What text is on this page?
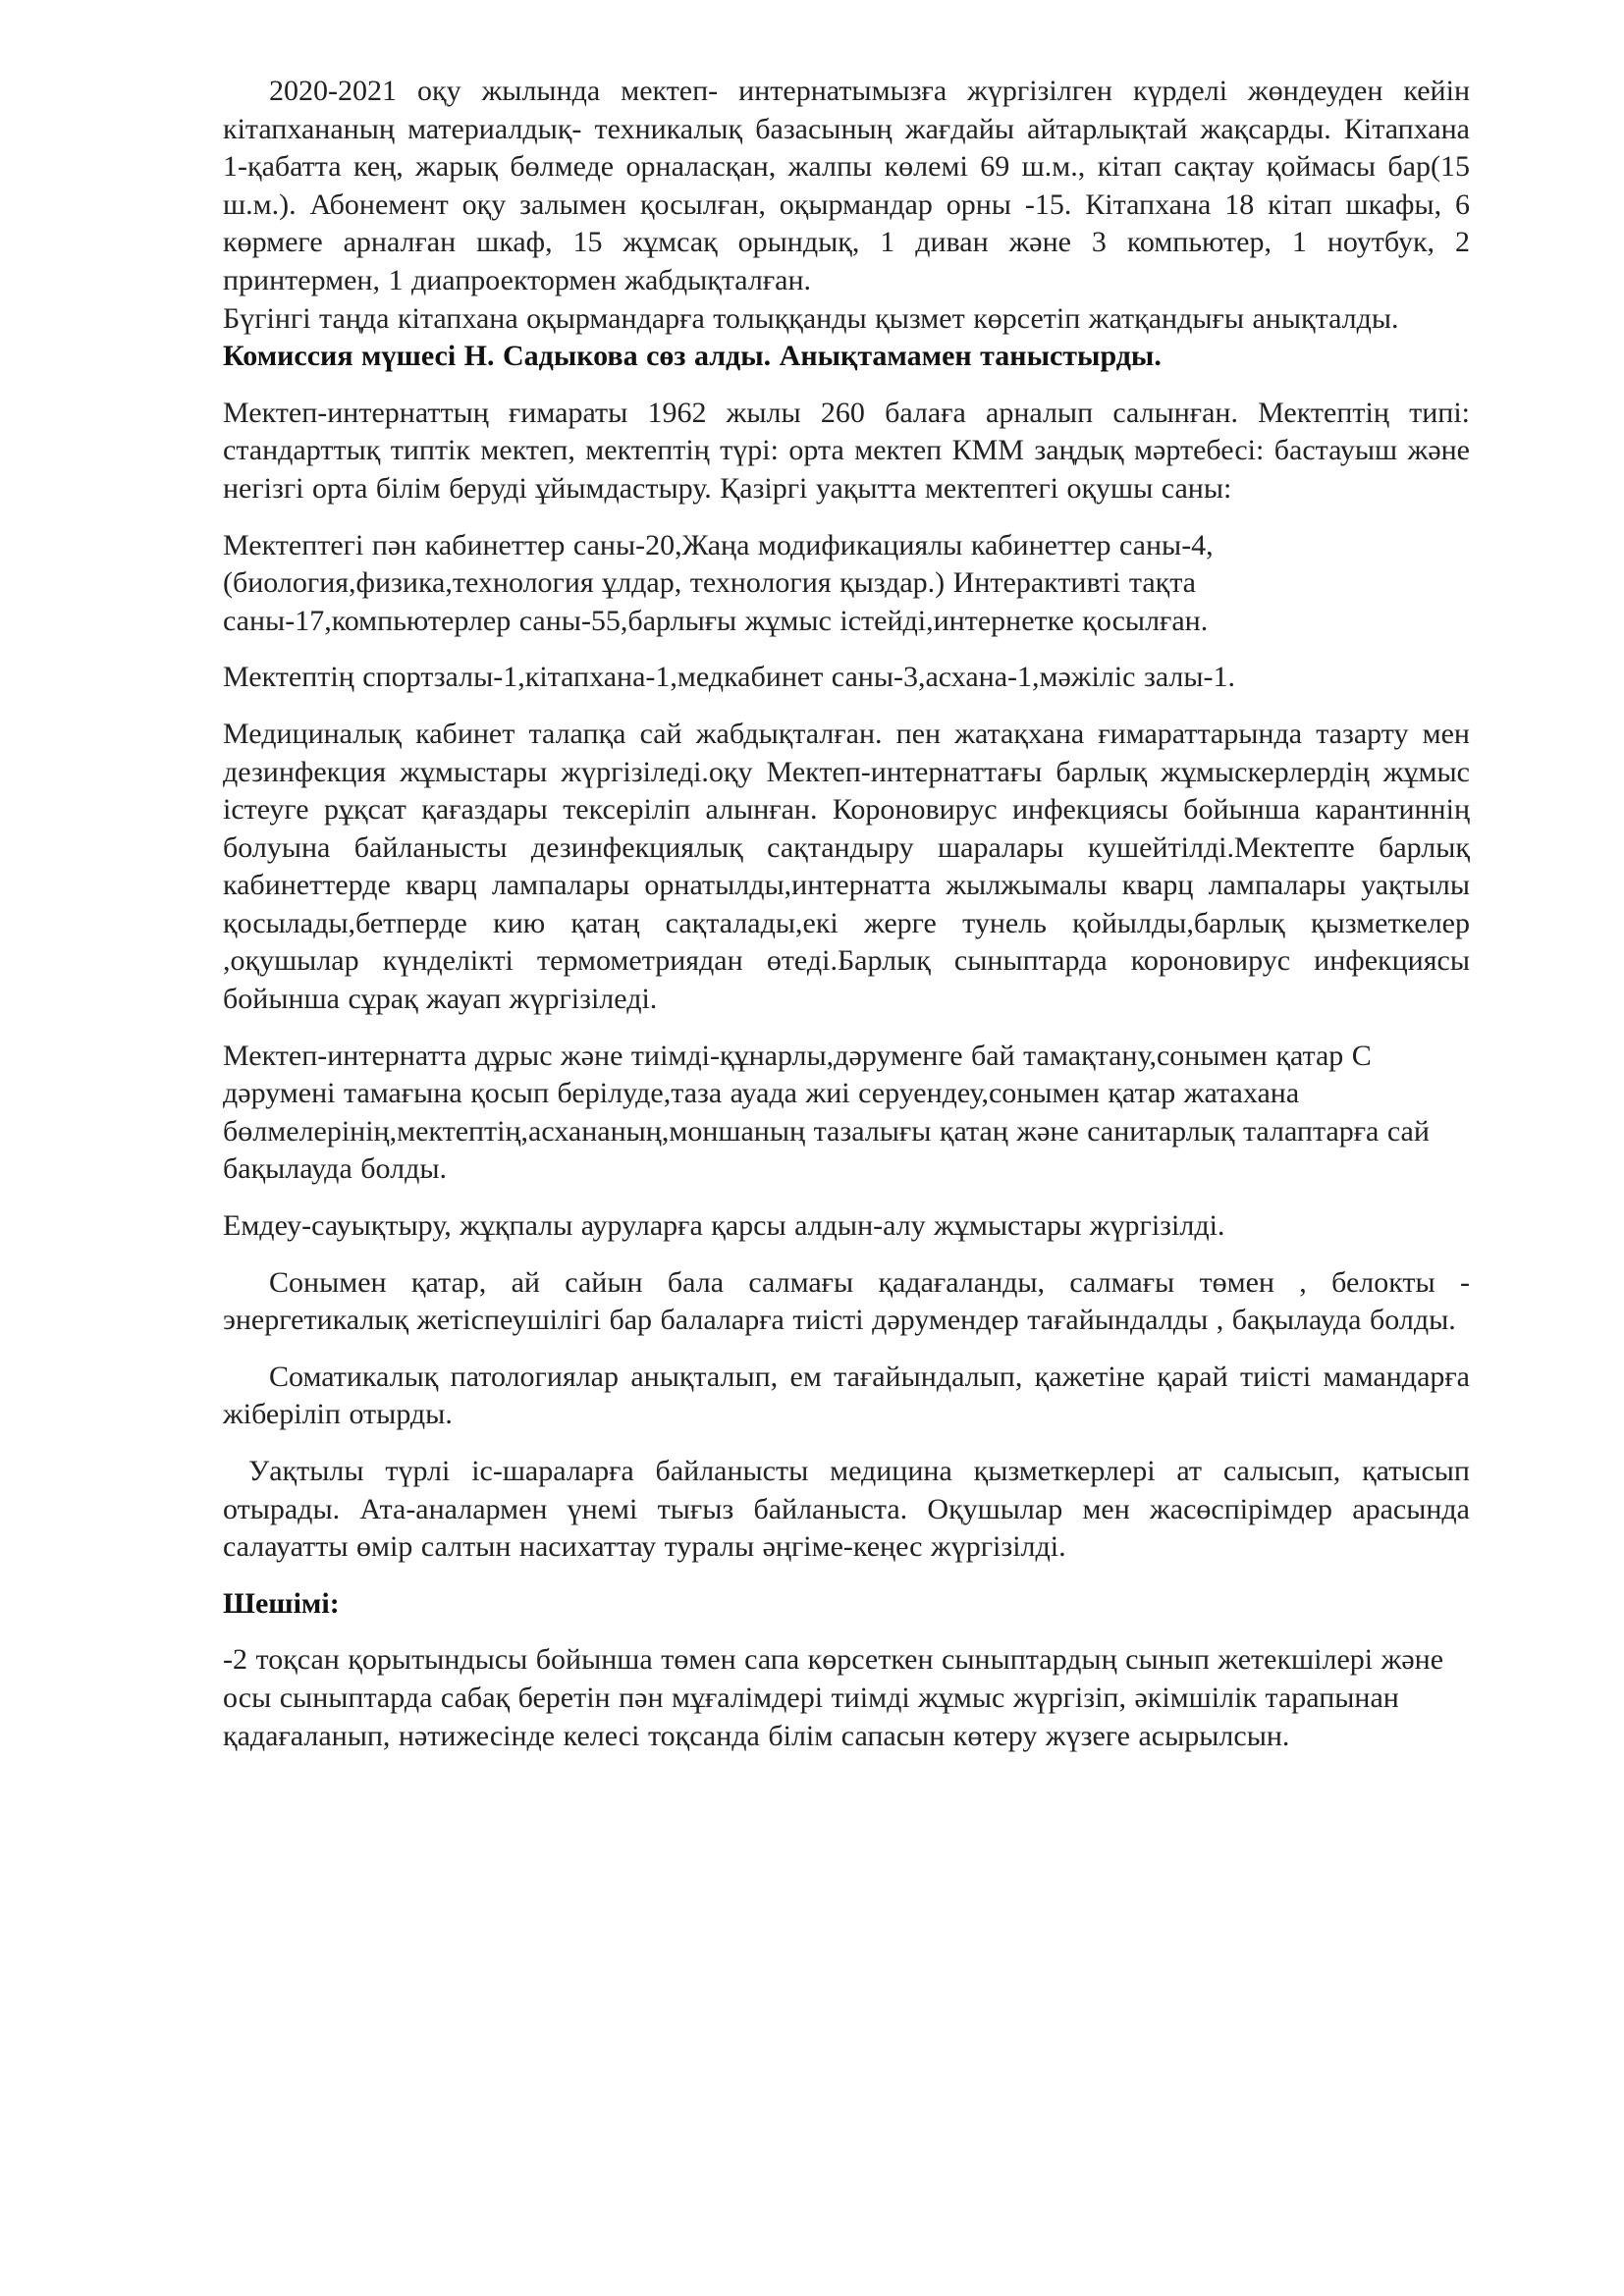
2020-2021 оқу жылында мектеп- интернатымызға жүргізілген күрделі жөндеуден кейін кітапхананың материалдық- техникалық базасының жағдайы айтарлықтай жақсарды. Кітапхана 1-қабатта кең, жарық бөлмеде орналасқан, жалпы көлемі 69 ш.м., кітап сақтау қоймасы бар(15 ш.м.). Абонемент оқу залымен қосылған, оқырмандар орны -15. Кітапхана 18 кітап шкафы, 6 көрмеге арналған шкаф, 15 жұмсақ орындық, 1 диван және 3 компьютер, 1 ноутбук, 2 принтермен, 1 диапроектормен жабдықталған.

Бүгінгі таңда кітапхана оқырмандарға толыққанды қызмет көрсетіп жатқандығы анықталды.

Комиссия мүшесі Н. Садыкова сөз алды. Анықтамамен таныстырды.

Мектеп-интернаттың ғимараты 1962 жылы 260 балаға арналып салынған. Мектептің типі: стандарттық типтік мектеп, мектептің түрі: орта мектеп КММ заңдық мәртебесі: бастауыш және негізгі орта білім беруді ұйымдастыру. Қазіргі уақытта мектептегі оқушы саны:

Мектептегі пән кабинеттер саны-20,Жаңа модификациялы кабинеттер саны-4,(биология,физика,технология ұлдар, технология қыздар.) Интерактивті тақта саны-17,компьютерлер саны-55,барлығы жұмыс істейді,интернетке қосылған.

Мектептің спортзалы-1,кітапхана-1,медкабинет саны-3,асхана-1,мәжіліс залы-1.

Медициналық кабинет талапқа сай жабдықталған. пен жатақхана ғимараттарында тазарту мен дезинфекция жұмыстары жүргізіледі.оқу Мектеп-интернаттағы барлық жұмыскерлердің жұмыс істеуге рұқсат қағаздары тексеріліп алынған. Короновирус инфекциясы бойынша карантиннің болуына байланысты дезинфекциялық сақтандыру шаралары кушейтілді.Мектепте барлық кабинеттерде кварц лампалары орнатылды,интернатта жылжымалы кварц лампалары уақтылы қосылады,бетперде кию қатаң сақталады,екі жерге тунель қойылды,барлық қызметкелер ,оқушылар күнделікті термометриядан өтеді.Барлық сыныптарда короновирус инфекциясы бойынша сұрақ жауап жүргізіледі.

Мектеп-интернатта дұрыс және тиімді-құнарлы,дәруменге бай тамақтану,сонымен қатар С дәрумені тамағына қосып берілуде,таза ауада жиі серуендеу,сонымен қатар жатахана бөлмелерінің,мектептің,асхананың,моншаның тазалығы қатаң және санитарлық талаптарға сай бақылауда болды.

Емдеу-сауықтыру, жұқпалы ауруларға қарсы алдын-алу жұмыстары жүргізілді.

Сонымен қатар, ай сайын бала салмағы қадағаланды, салмағы төмен , белокты - энергетикалық жетіспеушілігі бар балаларға тиісті дәрумендер тағайындалды , бақылауда болды.

Соматикалық патологиялар анықталып, ем тағайындалып, қажетіне қарай тиісті мамандарға жіберіліп отырды.

Уақтылы түрлі іс-шараларға байланысты медицина қызметкерлері ат салысып, қатысып отырады. Ата-аналармен үнемі тығыз байланыста. Оқушылар мен жасөспірімдер арасында салауатты өмір салтын насихаттау туралы әңгіме-кеңес жүргізілді.

Шешімі:

-2 тоқсан қорытындысы бойынша төмен сапа көрсеткен сыныптардың сынып жетекшілері және осы сыныптарда сабақ беретін пән мұғалімдері тиімді жұмыс жүргізіп, әкімшілік тарапынан қадағаланып, нәтижесінде келесі тоқсанда білім сапасын көтеру жүзеге асырылсын.
